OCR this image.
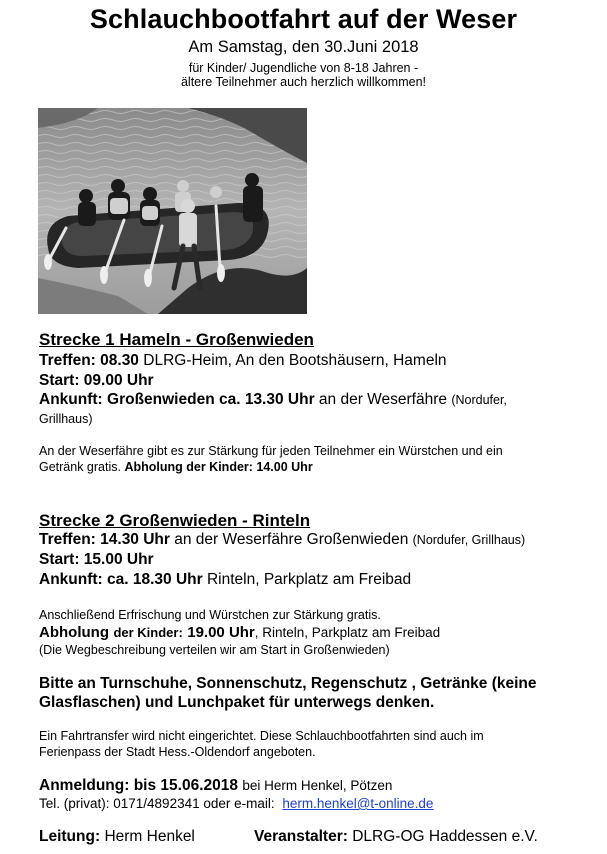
Schlauchbootfahrt auf der Weser
Am Samstag, den 30.Juni 2018
für Kinder/ Jugendliche von 8-18 Jahren -
ältere Teilnehmer auch herzlich willkommen!
Strecke 1 Hameln - Großenwieden
Treffen: 08.30 DLRG-Heim, An den Bootshäusern, Hameln
Start: 09.00 Uhr
Ankunft: Großenwieden ca. 13.30 Uhr an der Weserfähre (Nordufer,
Grillhaus)
An der Weserfähre gibt es zur Stärkung für jeden Teilnehmer ein Würstchen und ein
Getränk gratis. Abholung der Kinder: 14.00 Uhr
Strecke 2 Großenwieden - Rinteln
Treffen: 14.30 Uhr an der Weserfähre Großenwieden (Nordufer, Grillhaus)
Start: 15.00 Uhr
Ankunft: ca. 18.30 Uhr Rinteln, Parkplatz am Freibad
Anschließend Erfrischung und Würstchen zur Stärkung gratis.
Abholung der Kinder: 19.00 Uhr, Rinteln, Parkplatz am Freibad
(Die Wegbeschreibung verteilen wir am Start in Großenwieden)
Bitte an Turnschuhe, Sonnenschutz, Regenschutz , Getränke (keine
Glasflaschen) und Lunchpaket für unterwegs denken.
Ein Fahrtransfer wird nicht eingerichtet. Diese Schlauchbootfahrten sind auch im
Ferienpass der Stadt Hess.-Oldendorf angeboten.
Anmeldung: bis 15.06.2018 bei Herm Henkel, Pötzen
Tel. (privat): 0171/4892341 oder e-mail: herm.henkel@t-online.de
Leitung: Herm Henkel	Veranstalter: DLRG-OG Haddessen e.V.
